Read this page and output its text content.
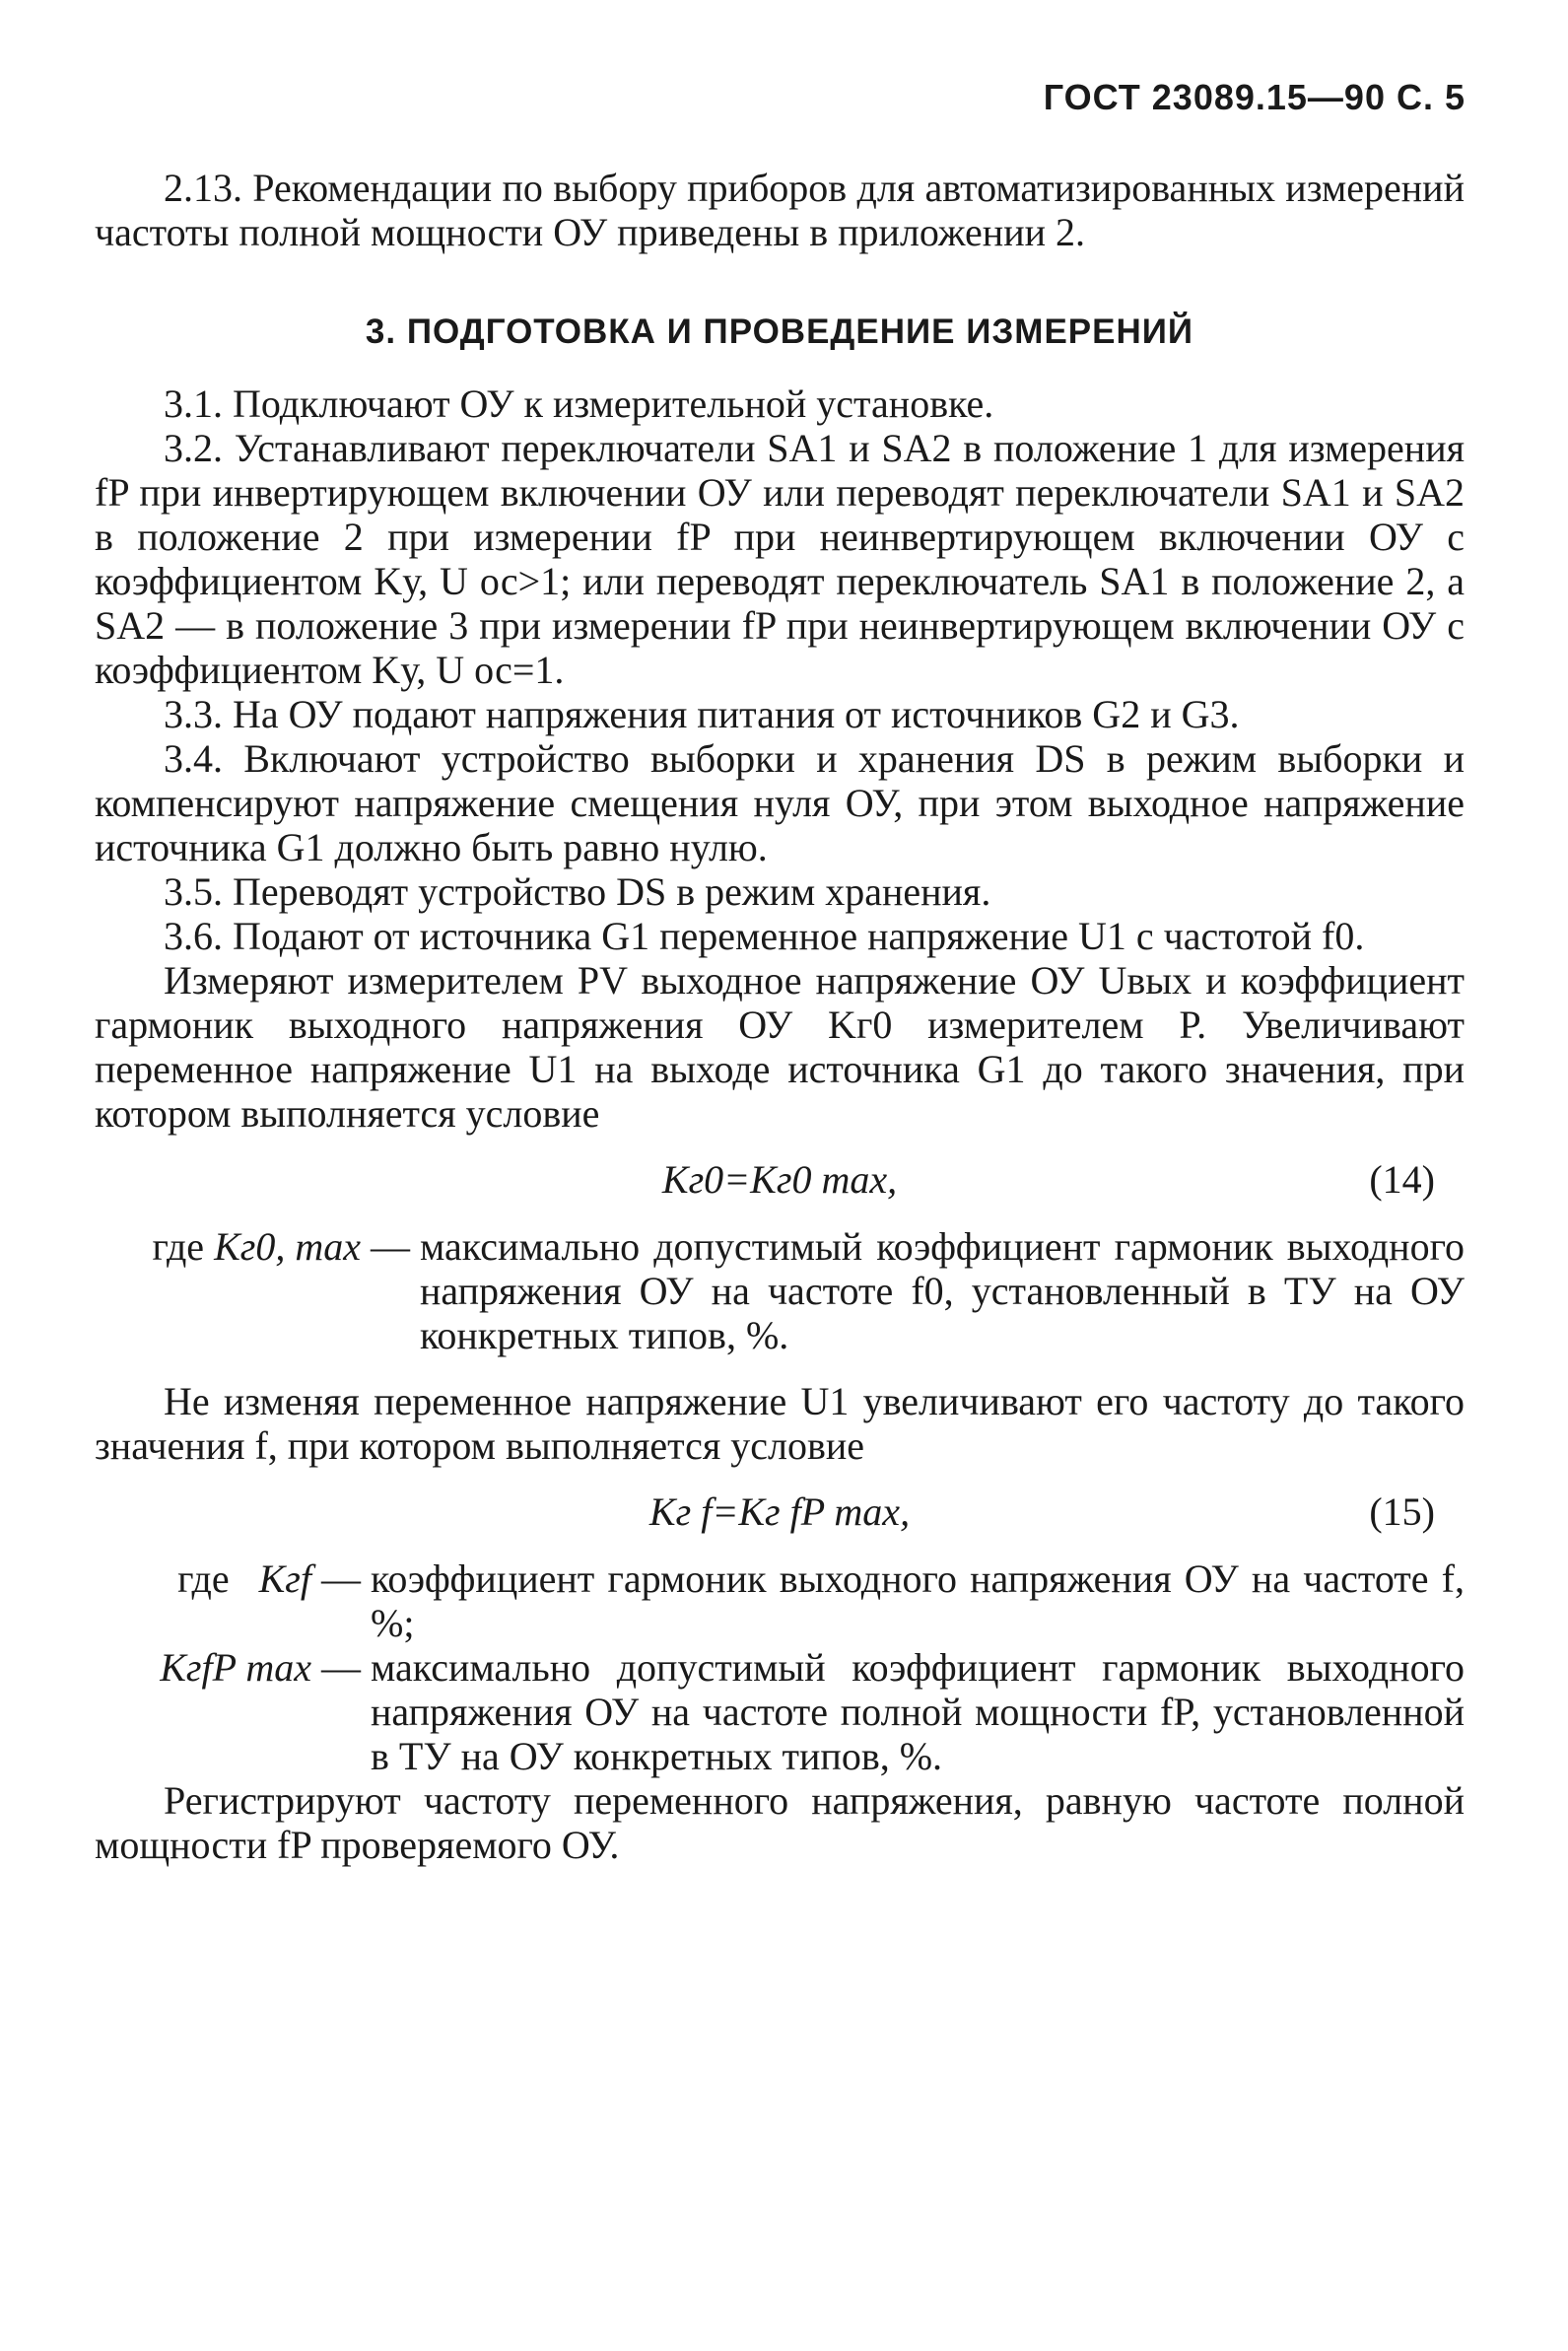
ГОСТ 23089.15—90 С. 5

2.13. Рекомендации по выбору приборов для автоматизированных измерений частоты полной мощности ОУ приведены в приложении 2.

3. ПОДГОТОВКА И ПРОВЕДЕНИЕ ИЗМЕРЕНИЙ

3.1. Подключают ОУ к измерительной установке.

3.2. Устанавливают переключатели SA1 и SA2 в положение 1 для измерения fP при инвертирующем включении ОУ или переводят переключатели SA1 и SA2 в положение 2 при измерении fP при неинвертирующем включении ОУ с коэффициентом Kу, U ос>1; или переводят переключатель SA1 в положение 2, а SA2 — в положение 3 при измерении fP при неинвертирующем включении ОУ с коэффициентом Kу, U ос=1.

3.3. На ОУ подают напряжения питания от источников G2 и G3.

3.4. Включают устройство выборки и хранения DS в режим выборки и компенсируют напряжение смещения нуля ОУ, при этом выходное напряжение источника G1 должно быть равно нулю.

3.5. Переводят устройство DS в режим хранения.

3.6. Подают от источника G1 переменное напряжение U1 с частотой f0.

Измеряют измерителем PV выходное напряжение ОУ Uвых и коэффициент гармоник выходного напряжения ОУ Kг0 измерителем P. Увеличивают переменное напряжение U1 на выходе источника G1 до такого значения, при котором выполняется условие

Kг0=Kг0 max,	(14)
где Kг0, max — максимально допустимый коэффициент гармоник выходного напряжения ОУ на частоте f0, установленный в ТУ на ОУ конкретных типов, %.

Не изменяя переменное напряжение U1 увеличивают его частоту до такого значения f, при котором выполняется условие

Kг f=Kг fP max,	(15)
где Kгf — коэффициент гармоник выходного напряжения ОУ на частоте f, %;
KгfP max — максимально допустимый коэффициент гармоник выходного напряжения ОУ на частоте полной мощности fP, установленной в ТУ на ОУ конкретных типов, %.

Регистрируют частоту переменного напряжения, равную частоте полной мощности fP проверяемого ОУ.
